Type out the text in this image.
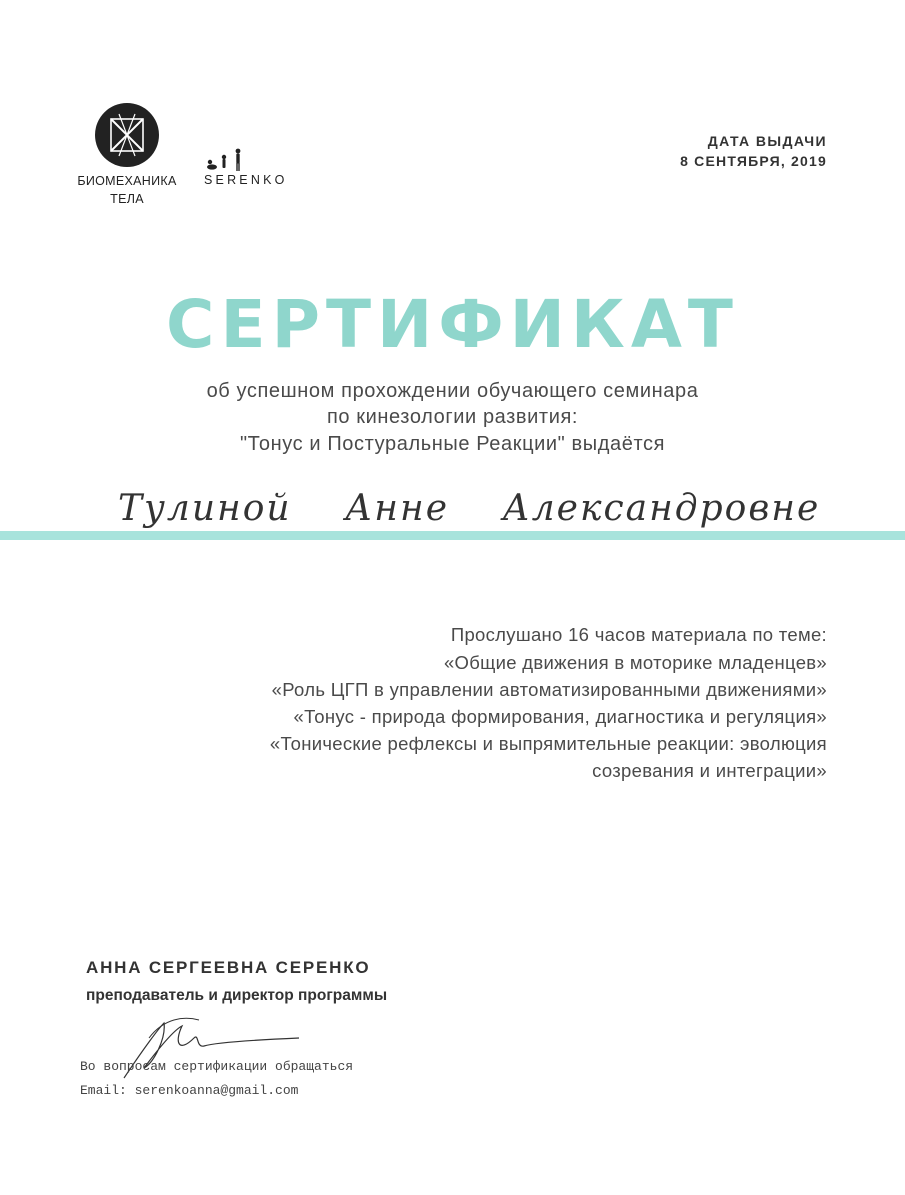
БИОМЕХАНИКА
ТЕЛА
SERENKO
ДАТА ВЫДАЧИ
8 СЕНТЯБРЯ, 2019
СЕРТИФИКАТ
об успешном прохождении обучающего семинара
по кинезологии развития:
"Тонус и Постуральные Реакции" выдаётся
Тулиной Анне Александровне
Прослушано 16 часов материала по теме:
«Общие движения в моторике младенцев»
«Роль ЦГП в управлении автоматизированными движениями»
«Тонус - природа формирования, диагностика и регуляция»
«Тонические рефлексы и выпрямительные реакции: эволюция
созревания и интеграции»
АННА СЕРГЕЕВНА СЕРЕНКО
преподаватель и директор программы
Во вопросам сертификации обращаться
Email: serenkoanna@gmail.com
